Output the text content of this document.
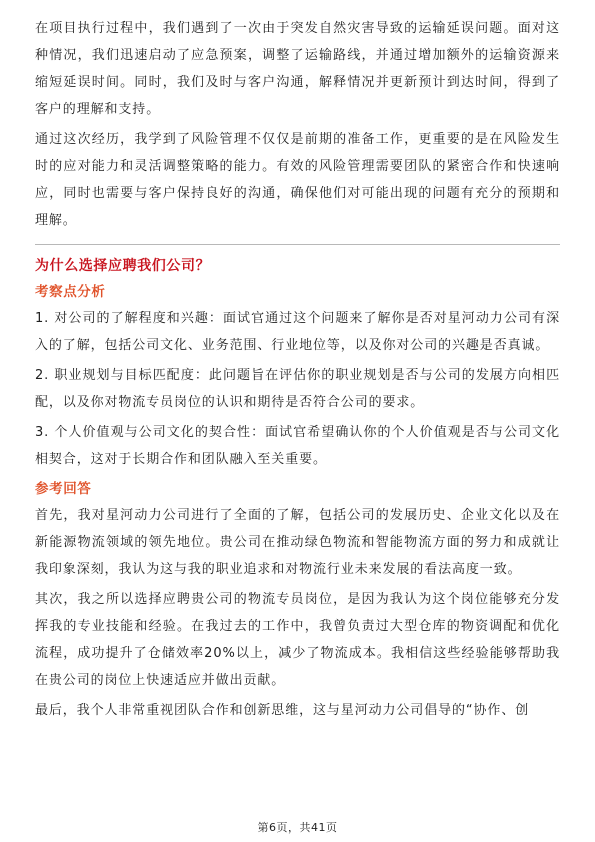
在项目执行过程中，我们遇到了一次由于突发自然灾害导致的运输延误问题。面对这种情况，我们迅速启动了应急预案，调整了运输路线，并通过增加额外的运输资源来缩短延误时间。同时，我们及时与客户沟通，解释情况并更新预计到达时间，得到了客户的理解和支持。

通过这次经历，我学到了风险管理不仅仅是前期的准备工作，更重要的是在风险发生时的应对能力和灵活调整策略的能力。有效的风险管理需要团队的紧密合作和快速响应，同时也需要与客户保持良好的沟通，确保他们对可能出现的问题有充分的预期和理解。

为什么选择应聘我们公司？
考察点分析

1. 对公司的了解程度和兴趣：面试官通过这个问题来了解你是否对星河动力公司有深入的了解，包括公司文化、业务范围、行业地位等，以及你对公司的兴趣是否真诚。

2. 职业规划与目标匹配度：此问题旨在评估你的职业规划是否与公司的发展方向相匹配，以及你对物流专员岗位的认识和期待是否符合公司的要求。

3. 个人价值观与公司文化的契合性：面试官希望确认你的个人价值观是否与公司文化相契合，这对于长期合作和团队融入至关重要。

参考回答

首先，我对星河动力公司进行了全面的了解，包括公司的发展历史、企业文化以及在新能源物流领域的领先地位。贵公司在推动绿色物流和智能物流方面的努力和成就让我印象深刻，我认为这与我的职业追求和对物流行业未来发展的看法高度一致。

其次，我之所以选择应聘贵公司的物流专员岗位，是因为我认为这个岗位能够充分发挥我的专业技能和经验。在我过去的工作中，我曾负责过大型仓库的物资调配和优化流程，成功提升了仓储效率20%以上，减少了物流成本。我相信这些经验能够帮助我在贵公司的岗位上快速适应并做出贡献。

最后，我个人非常重视团队合作和创新思维，这与星河动力公司倡导的“协作、创

第6页，共41页
